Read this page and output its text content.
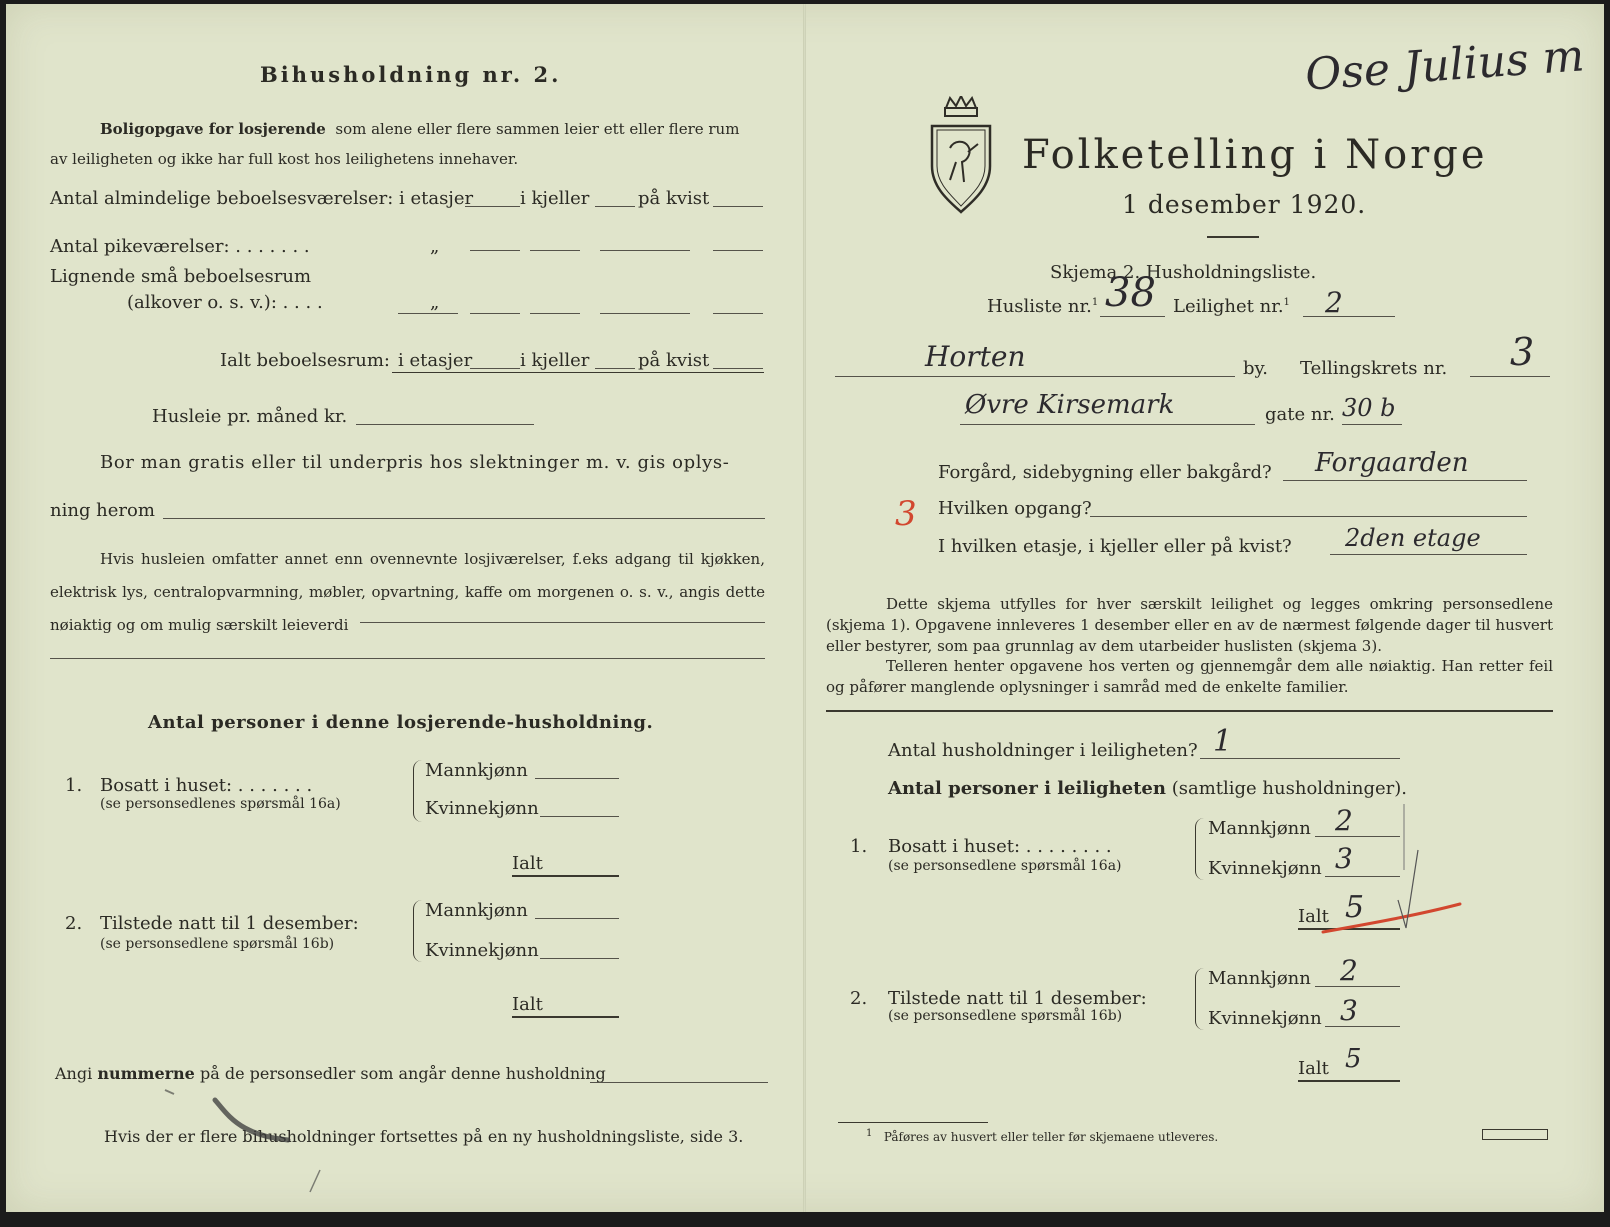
Bihusholdning nr. 2.
Boligopgave for losjerende som alene eller flere sammen leier ett eller flere rum
av leiligheten og ikke har full kost hos leilighetens innehaver.
Antal almindelige beboelsesværelser: i etasjer	i kjeller	på kvist
Antal pikeværelser: . . . . . . .	„
Lignende små beboelsesrum
(alkover o. s. v.): . . . .	„
Ialt beboelsesrum: i etasjer	i kjeller	på kvist
Husleie pr. måned kr.
Bor man gratis eller til underpris hos slektninger m. v. gis oplys-
ning herom

Hvis husleien omfatter annet enn ovennevnte losjiværelser, f.eks adgang til kjøkken, elektrisk lys, centralopvarmning, møbler, opvartning, kaffe om morgenen o. s. v., angis dette nøiaktig og om mulig særskilt leieverdi

Antal personer i denne losjerende-husholdning.
1. Bosatt i huset: . . . . . . .
(se personsedlenes spørsmål 16a)
Mannkjønn
Kvinnekjønn
Ialt
2. Tilstede natt til 1 desember:
(se personsedlene spørsmål 16b)
Mannkjønn
Kvinnekjønn
Ialt
Angi nummerne på de personsedler som angår denne husholdning
Hvis der er flere bihusholdninger fortsettes på en ny husholdningsliste, side 3.
Ose Julius m
Folketelling i Norge
1 desember 1920.
Skjema 2. Husholdningsliste.
Husliste nr.$^1$ 38 Leilighet nr.$^1$ 2
Horten	by. Tellingskrets nr. 3
Øvre Kirsemark	gate nr. 30 b
Forgård, sidebygning eller bakgård? Forgaarden
3 Hvilken opgang?
I hvilken etasje, i kjeller eller på kvist? 2den etage

Dette skjema utfylles for hver særskilt leilighet og legges omkring personsedlene (skjema 1). Opgavene innleveres 1 desember eller en av de nærmest følgende dager til husvert eller bestyrer, som paa grunnlag av dem utarbeider huslisten (skjema 3).

Telleren henter opgavene hos verten og gjennemgår dem alle nøiaktig. Han retter feil og påfører manglende oplysninger i samråd med de enkelte familier.

Antal husholdninger i leiligheten? 1
Antal personer i leiligheten (samtlige husholdninger).
1. Bosatt i huset: . . . . . . . .
(se personsedlene spørsmål 16a)
Mannkjønn 2
Kvinnekjønn 3
Ialt 5
2. Tilstede natt til 1 desember:
(se personsedlene spørsmål 16b)
Mannkjønn 2
Kvinnekjønn 3
Ialt 5
$^1$ Påføres av husvert eller teller før skjemaene utleveres.
